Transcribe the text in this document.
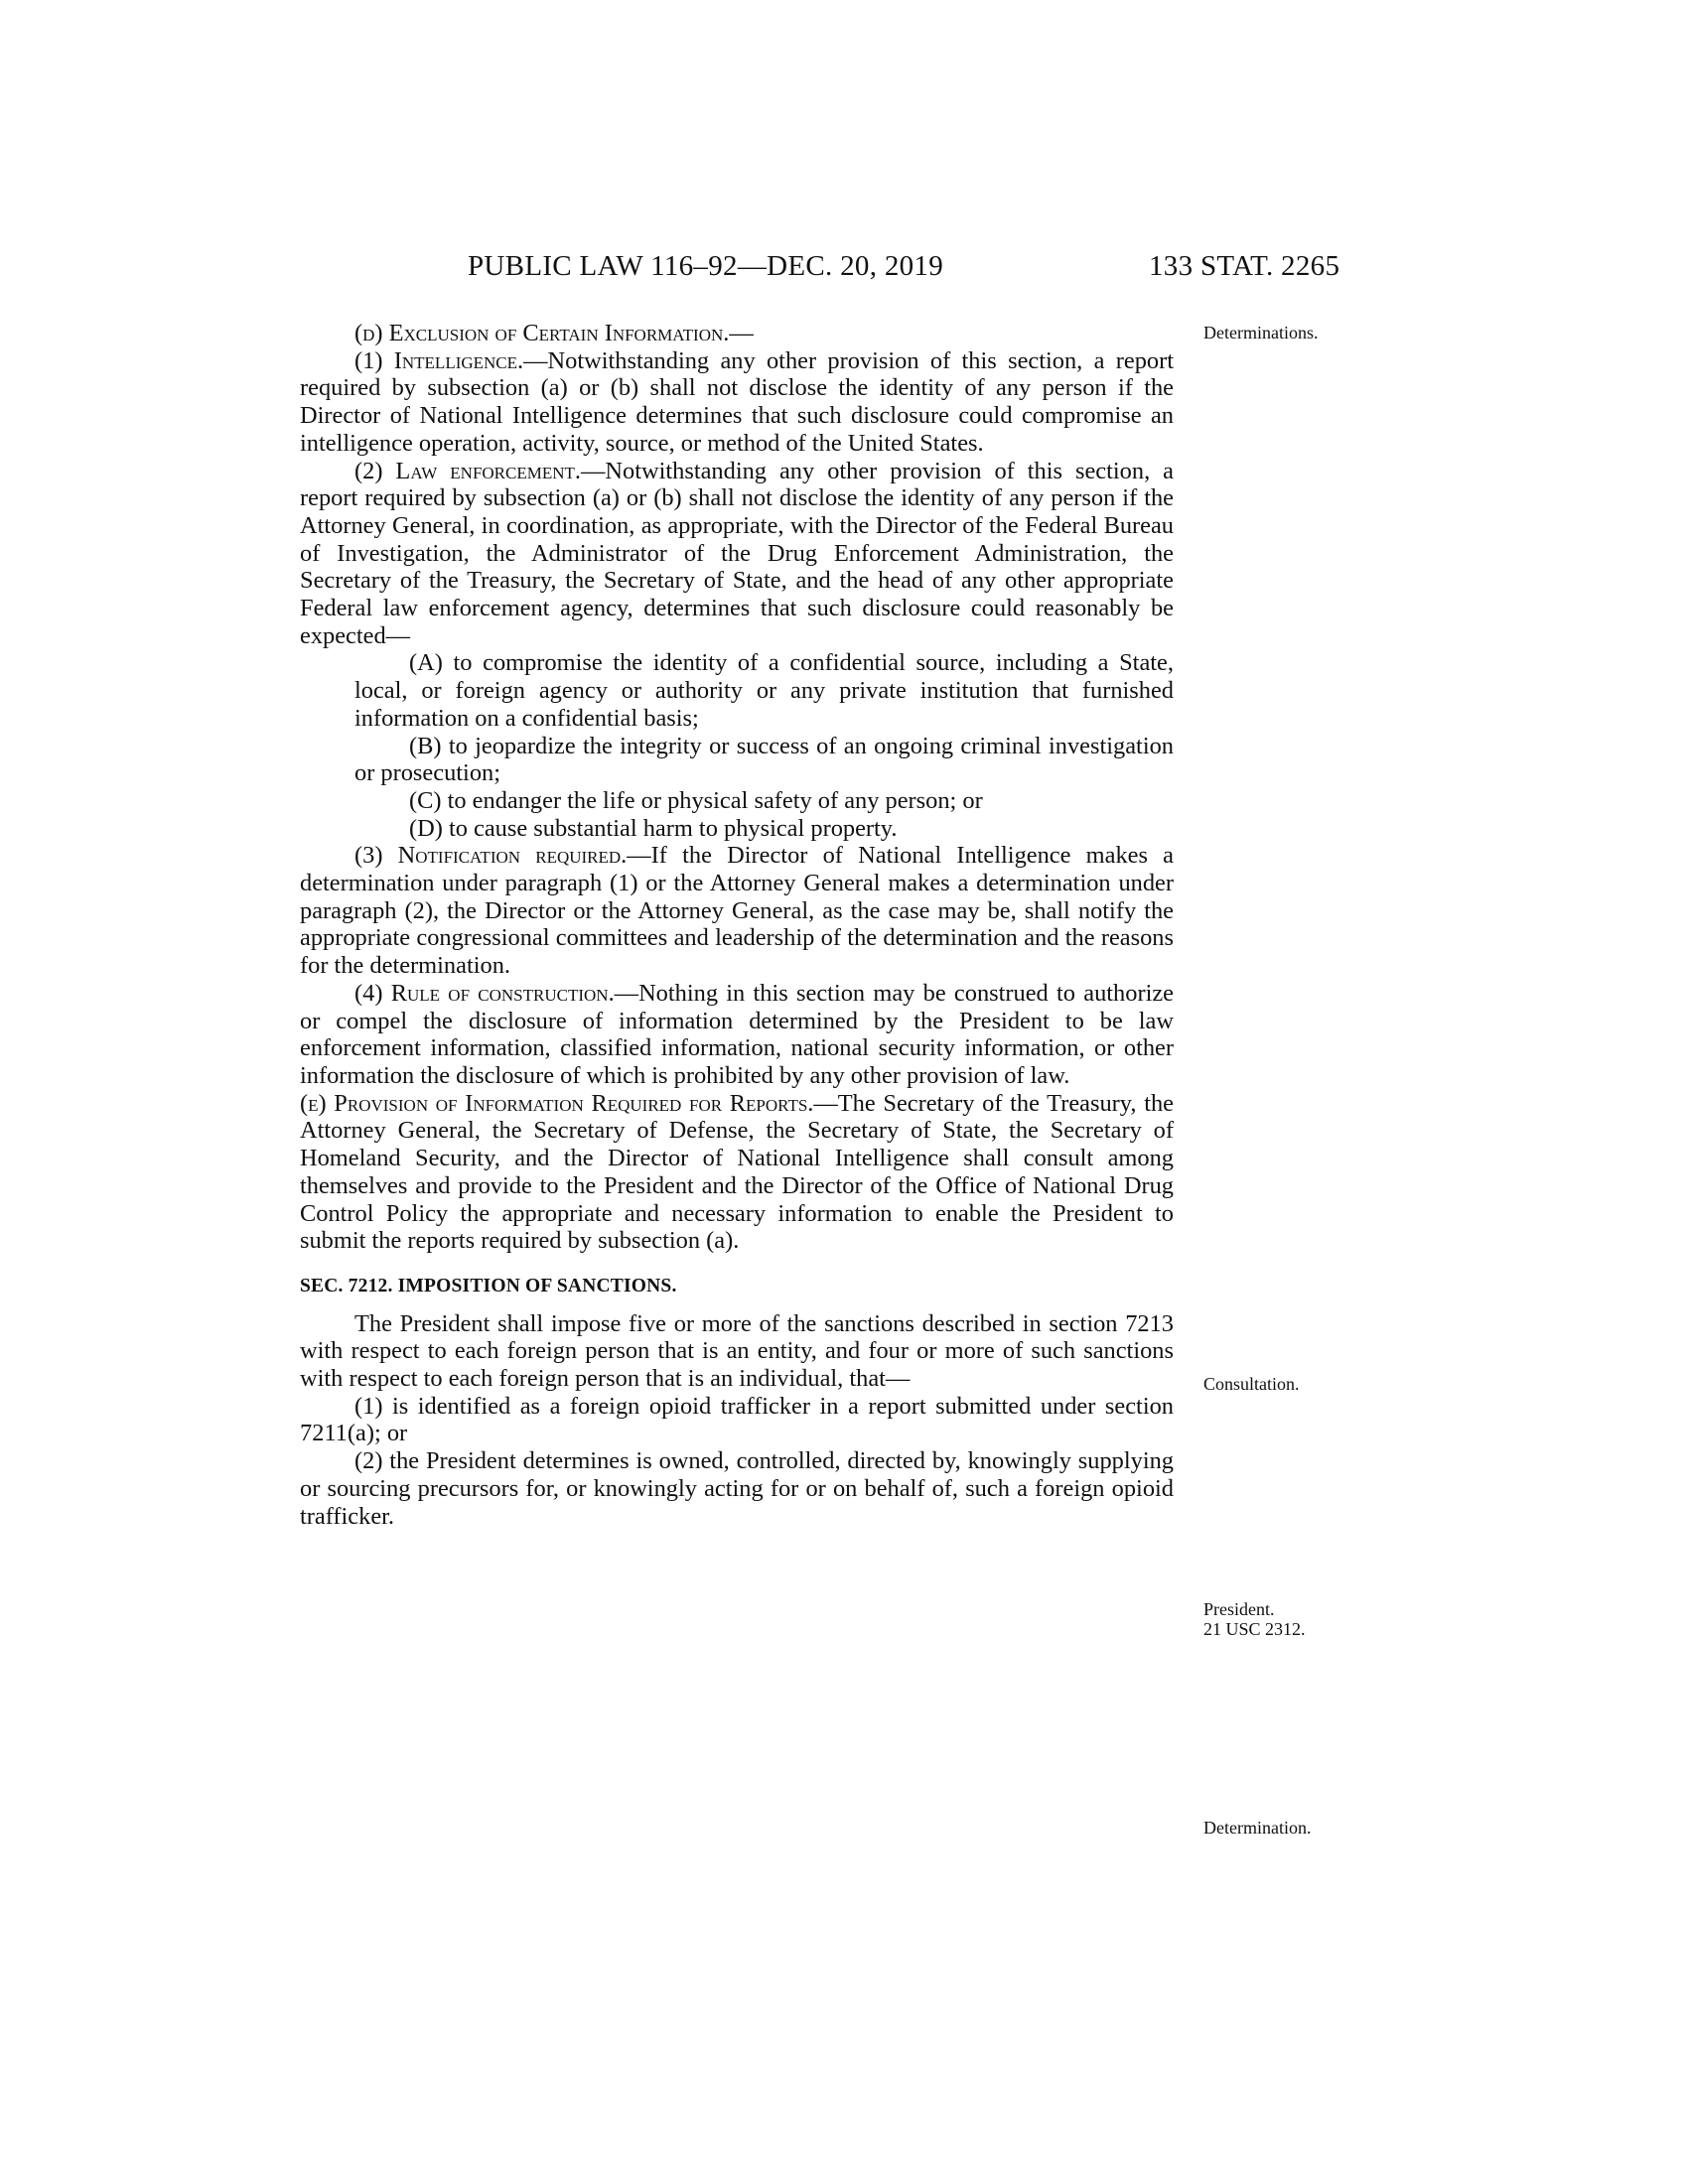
PUBLIC LAW 116–92—DEC. 20, 2019	133 STAT. 2265
Determinations.
Consultation.
President.
21 USC 2312.
Determination.

(d) Exclusion of Certain Information.—

(1) Intelligence.—Notwithstanding any other provision of this section, a report required by subsection (a) or (b) shall not disclose the identity of any person if the Director of National Intelligence determines that such disclosure could compromise an intelligence operation, activity, source, or method of the United States.

(2) Law enforcement.—Notwithstanding any other provision of this section, a report required by subsection (a) or (b) shall not disclose the identity of any person if the Attorney General, in coordination, as appropriate, with the Director of the Federal Bureau of Investigation, the Administrator of the Drug Enforcement Administration, the Secretary of the Treasury, the Secretary of State, and the head of any other appropriate Federal law enforcement agency, determines that such disclosure could reasonably be expected—

(A) to compromise the identity of a confidential source, including a State, local, or foreign agency or authority or any private institution that furnished information on a confidential basis;

(B) to jeopardize the integrity or success of an ongoing criminal investigation or prosecution;

(C) to endanger the life or physical safety of any person; or

(D) to cause substantial harm to physical property.

(3) Notification required.—If the Director of National Intelligence makes a determination under paragraph (1) or the Attorney General makes a determination under paragraph (2), the Director or the Attorney General, as the case may be, shall notify the appropriate congressional committees and leadership of the determination and the reasons for the determination.

(4) Rule of construction.—Nothing in this section may be construed to authorize or compel the disclosure of information determined by the President to be law enforcement information, classified information, national security information, or other information the disclosure of which is prohibited by any other provision of law.

(e) Provision of Information Required for Reports.—The Secretary of the Treasury, the Attorney General, the Secretary of Defense, the Secretary of State, the Secretary of Homeland Security, and the Director of National Intelligence shall consult among themselves and provide to the President and the Director of the Office of National Drug Control Policy the appropriate and necessary information to enable the President to submit the reports required by subsection (a).

SEC. 7212. IMPOSITION OF SANCTIONS.

The President shall impose five or more of the sanctions described in section 7213 with respect to each foreign person that is an entity, and four or more of such sanctions with respect to each foreign person that is an individual, that—

(1) is identified as a foreign opioid trafficker in a report submitted under section 7211(a); or

(2) the President determines is owned, controlled, directed by, knowingly supplying or sourcing precursors for, or knowingly acting for or on behalf of, such a foreign opioid trafficker.
